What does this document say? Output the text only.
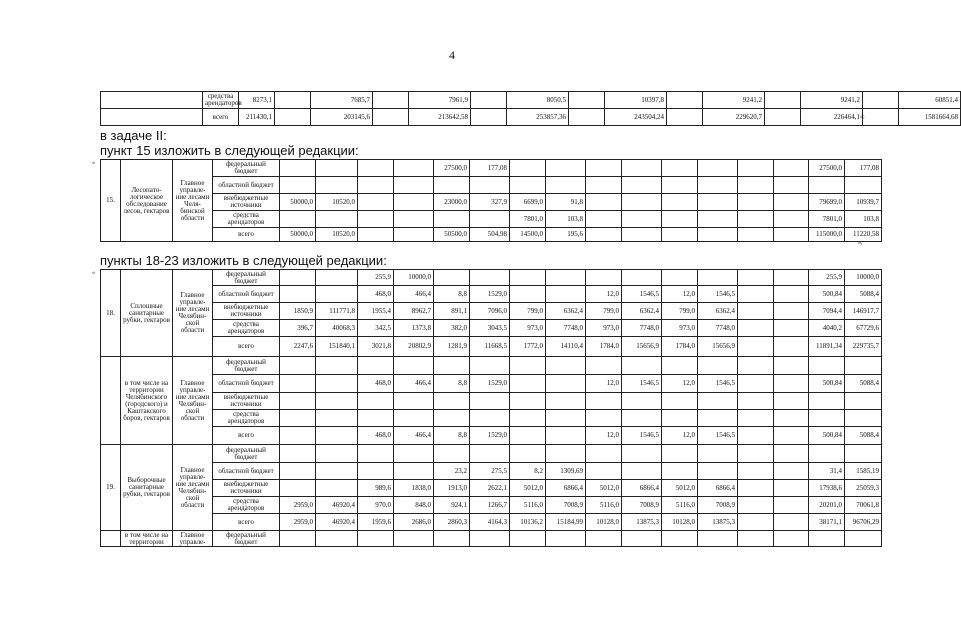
4
	средства арендаторов	8273,1		7685,7		7961,9		8050,5		10397,8		9241,2		9241,2		60851,4
	всего	211430,1		203145,6		213642,58		253857,36		243504,24		229620,7		226464,1		1581664,68
»;
в задаче II:
пункт 15 изложить в следующей редакции:
«
15.	Лесопато-логическое обследование лесов, гектаров	Главное управле-ние лесами Челя-бинской области	федеральный бюджет					27500,0	177,08									27500,0	177,08
			областной бюджет																
			внебюджетные источники	50000,0	10520,0			23000,0	327,9	6699,0	91,8							79699,0	10939,7
			средства арендаторов							7801,0	103,8							7801,0	103,8
			всего	50000,0	10520,0			50500,0	504,98	14500,0	195,6							115000,0	11220,58
»;
пункты 18-23 изложить в следующей редакции:
«
18.	Сплошные санитарные рубки, гектаров	Главное управле-ние лесами Челябин-ской области	федеральный бюджет			255,9	10000,0											255,9	10000,0
			областной бюджет			468,0	466,4	8,8	1529,0			12,0	1546,5	12,0	1546,5			500,84	5088,4
			внебюджетные источники	1850,9	111771,8	1955,4	8962,7	891,1	7096,0	799,0	6362,4	799,0	6362,4	799,0	6362,4			7094,4	146917,7
			средства арендаторов	396,7	40068,3	342,5	1373,8	382,0	3043,5	973,0	7748,0	973,0	7748,0	973,0	7748,0			4040,2	67729,6
			всего	2247,6	151840,1	3021,8	20802,9	1281,9	11668,5	1772,0	14110,4	1784,0	15656,9	1784,0	15656,9			11891,34	229735,7
	в том числе на территории Челябинского (городского) и Каштакского боров, гектаров	Главное управле-ние лесами Челябин-ской области	федеральный бюджет																
			областной бюджет			468,0	466,4	8,8	1529,0			12,0	1546,5	12,0	1546,5			500,84	5088,4
			внебюджетные источники																
			средства арендаторов																
			всего			468,0	466,4	8,8	1529,0			12,0	1546,5	12,0	1546,5			500,84	5088,4
19.	Выборочные санитарные рубки, гектаров	Главное управле-ние лесами Челябин-ской области	федеральный бюджет																
			областной бюджет					23,2	275,5	8,2	1309,69							31,4	1585,19
			внебюджетные источники			989,6	1838,0	1913,0	2622,1	5012,0	6866,4	5012,0	6866,4	5012,0	6866,4			17938,6	25059,3
			средства арендаторов	2959,0	46920,4	970,0	848,0	924,1	1266,7	5116,0	7008,9	5116,0	7008,9	5116,0	7008,9			20201,0	70061,8
			всего	2959,0	46920,4	1959,6	2686,0	2860,3	4164,3	10136,2	15184,99	10128,0	13875,3	10128,0	13875,3			38171,1	96706,29
	в том числе на территории	Главное управле-	федеральный бюджет																
